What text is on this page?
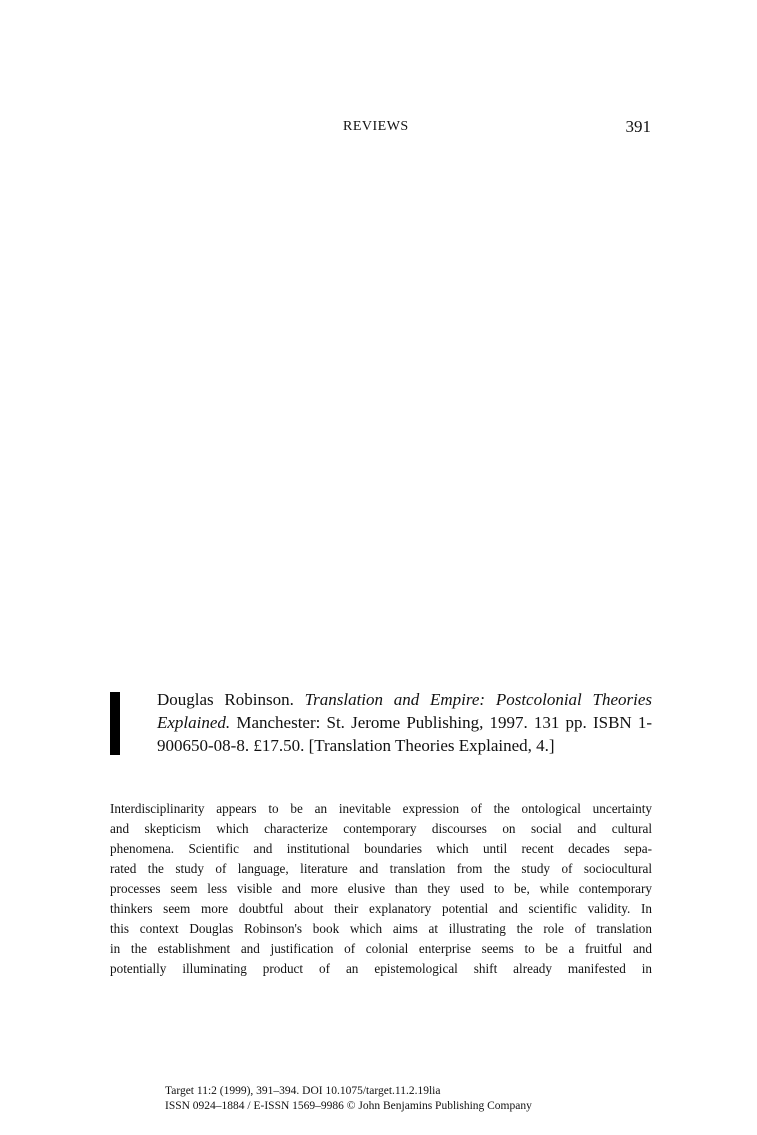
REVIEWS	391
Douglas Robinson. Translation and Empire: Postcolonial Theories Explained. Manchester: St. Jerome Publishing, 1997. 131 pp. ISBN 1-900650-08-8. £17.50. [Translation Theories Explained, 4.]
Interdisciplinarity appears to be an inevitable expression of the ontological uncertainty
and skepticism which characterize contemporary discourses on social and cultural
phenomena. Scientific and institutional boundaries which until recent decades sepa-
rated the study of language, literature and translation from the study of sociocultural
processes seem less visible and more elusive than they used to be, while contemporary
thinkers seem more doubtful about their explanatory potential and scientific validity. In
this context Douglas Robinson's book which aims at illustrating the role of translation
in the establishment and justification of colonial enterprise seems to be a fruitful and
potentially illuminating product of an epistemological shift already manifested in
Target 11:2 (1999), 391–394. DOI 10.1075/target.11.2.19lia
ISSN 0924–1884 / E-ISSN 1569–9986 © John Benjamins Publishing Company
